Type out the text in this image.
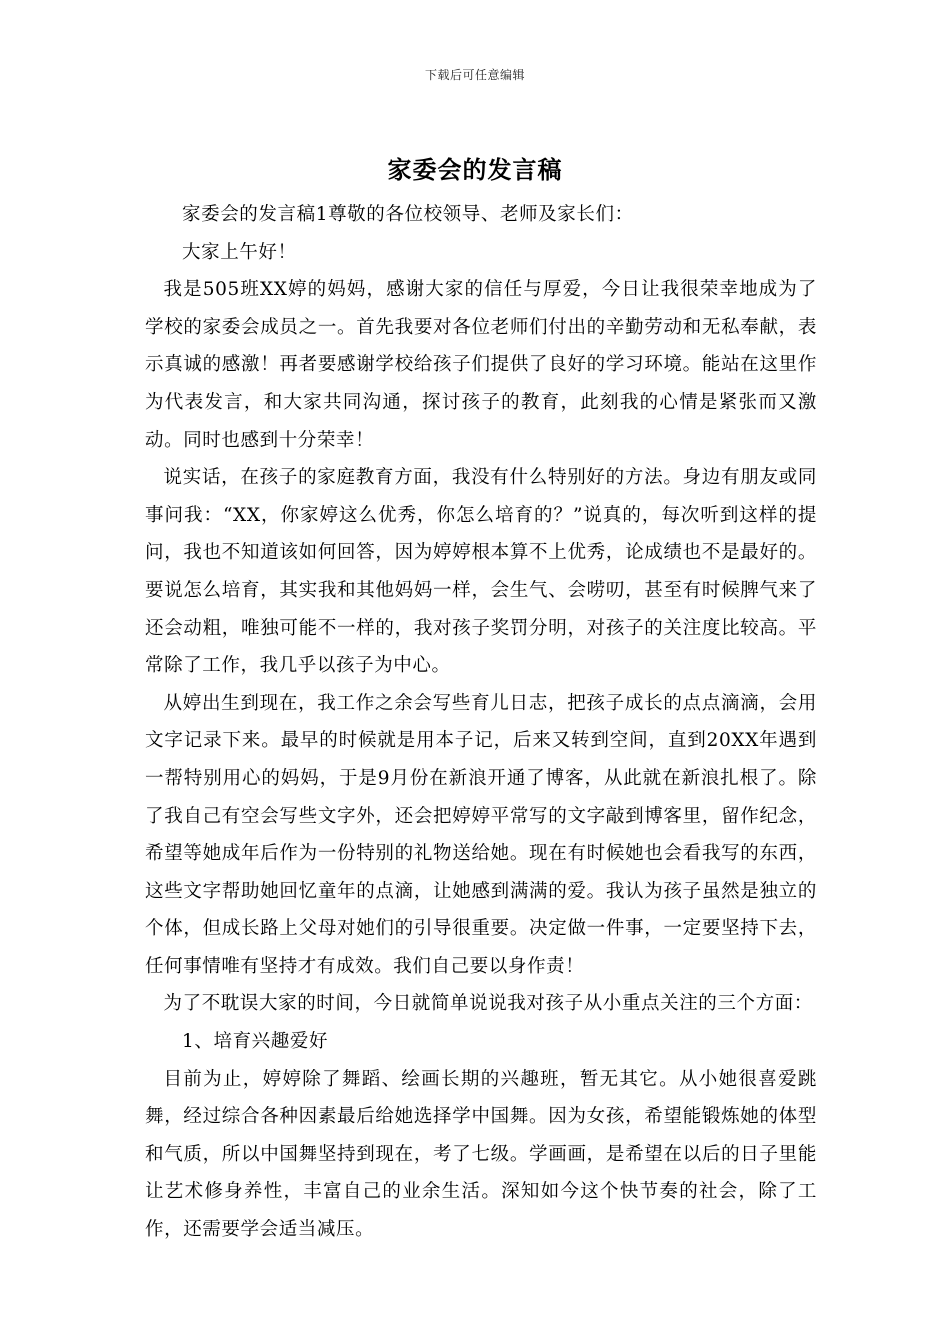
下载后可任意编辑
家委会的发言稿

家委会的发言稿1尊敬的各位校领导、老师及家长们：

大家上午好！

我是505班XX婷的妈妈，感谢大家的信任与厚爱，今日让我很荣幸地成为了学校的家委会成员之一。首先我要对各位老师们付出的辛勤劳动和无私奉献，表示真诚的感激！再者要感谢学校给孩子们提供了良好的学习环境。能站在这里作为代表发言，和大家共同沟通，探讨孩子的教育，此刻我的心情是紧张而又激动。同时也感到十分荣幸！

说实话，在孩子的家庭教育方面，我没有什么特别好的方法。身边有朋友或同事问我：“XX，你家婷这么优秀，你怎么培育的？”说真的，每次听到这样的提问，我也不知道该如何回答，因为婷婷根本算不上优秀，论成绩也不是最好的。要说怎么培育，其实我和其他妈妈一样，会生气、会唠叨，甚至有时候脾气来了还会动粗，唯独可能不一样的，我对孩子奖罚分明，对孩子的关注度比较高。平常除了工作，我几乎以孩子为中心。

从婷出生到现在，我工作之余会写些育儿日志，把孩子成长的点点滴滴，会用文字记录下来。最早的时候就是用本子记，后来又转到空间，直到20XX年遇到一帮特别用心的妈妈，于是9月份在新浪开通了博客，从此就在新浪扎根了。除了我自己有空会写些文字外，还会把婷婷平常写的文字敲到博客里，留作纪念，希望等她成年后作为一份特别的礼物送给她。现在有时候她也会看我写的东西，这些文字帮助她回忆童年的点滴，让她感到满满的爱。我认为孩子虽然是独立的个体，但成长路上父母对她们的引导很重要。决定做一件事，一定要坚持下去，任何事情唯有坚持才有成效。我们自己要以身作责！

为了不耽误大家的时间，今日就简单说说我对孩子从小重点关注的三个方面：

1、培育兴趣爱好

目前为止，婷婷除了舞蹈、绘画长期的兴趣班，暂无其它。从小她很喜爱跳舞，经过综合各种因素最后给她选择学中国舞。因为女孩，希望能锻炼她的体型和气质，所以中国舞坚持到现在，考了七级。学画画，是希望在以后的日子里能让艺术修身养性，丰富自己的业余生活。深知如今这个快节奏的社会，除了工作，还需要学会适当减压。
